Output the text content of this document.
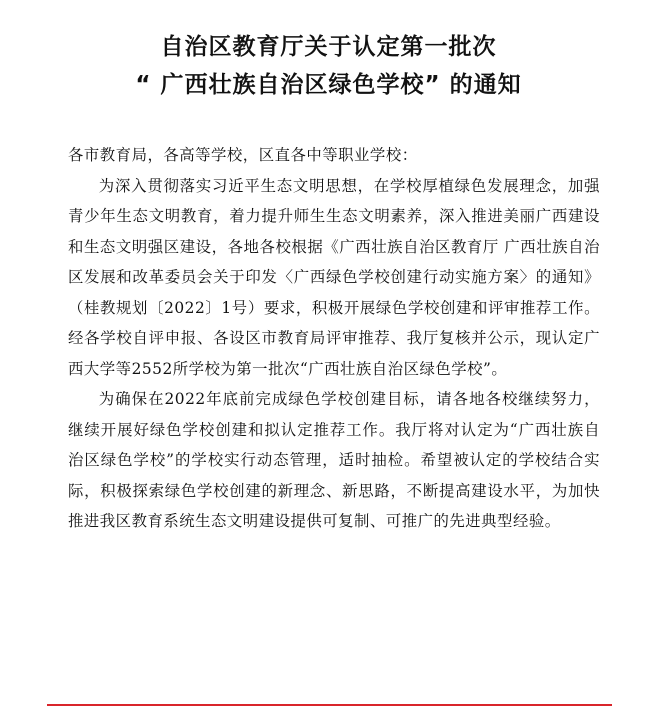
自治区教育厅关于认定第一批次
“ 广西壮族自治区绿色学校” 的通知

各市教育局，各高等学校，区直各中等职业学校：

为深入贯彻落实习近平生态文明思想，在学校厚植绿色发展理念，加强青少年生态文明教育，着力提升师生生态文明素养，深入推进美丽广西建设和生态文明强区建设，各地各校根据《广西壮族自治区教育厅 广西壮族自治区发展和改革委员会关于印发〈广西绿色学校创建行动实施方案〉的通知》（桂教规划〔2022〕1号）要求，积极开展绿色学校创建和评审推荐工作。经各学校自评申报、各设区市教育局评审推荐、我厅复核并公示，现认定广西大学等2552所学校为第一批次“广西壮族自治区绿色学校”。

为确保在2022年底前完成绿色学校创建目标，请各地各校继续努力，继续开展好绿色学校创建和拟认定推荐工作。我厅将对认定为“广西壮族自治区绿色学校”的学校实行动态管理，适时抽检。希望被认定的学校结合实际，积极探索绿色学校创建的新理念、新思路，不断提高建设水平，为加快推进我区教育系统生态文明建设提供可复制、可推广的先进典型经验。
